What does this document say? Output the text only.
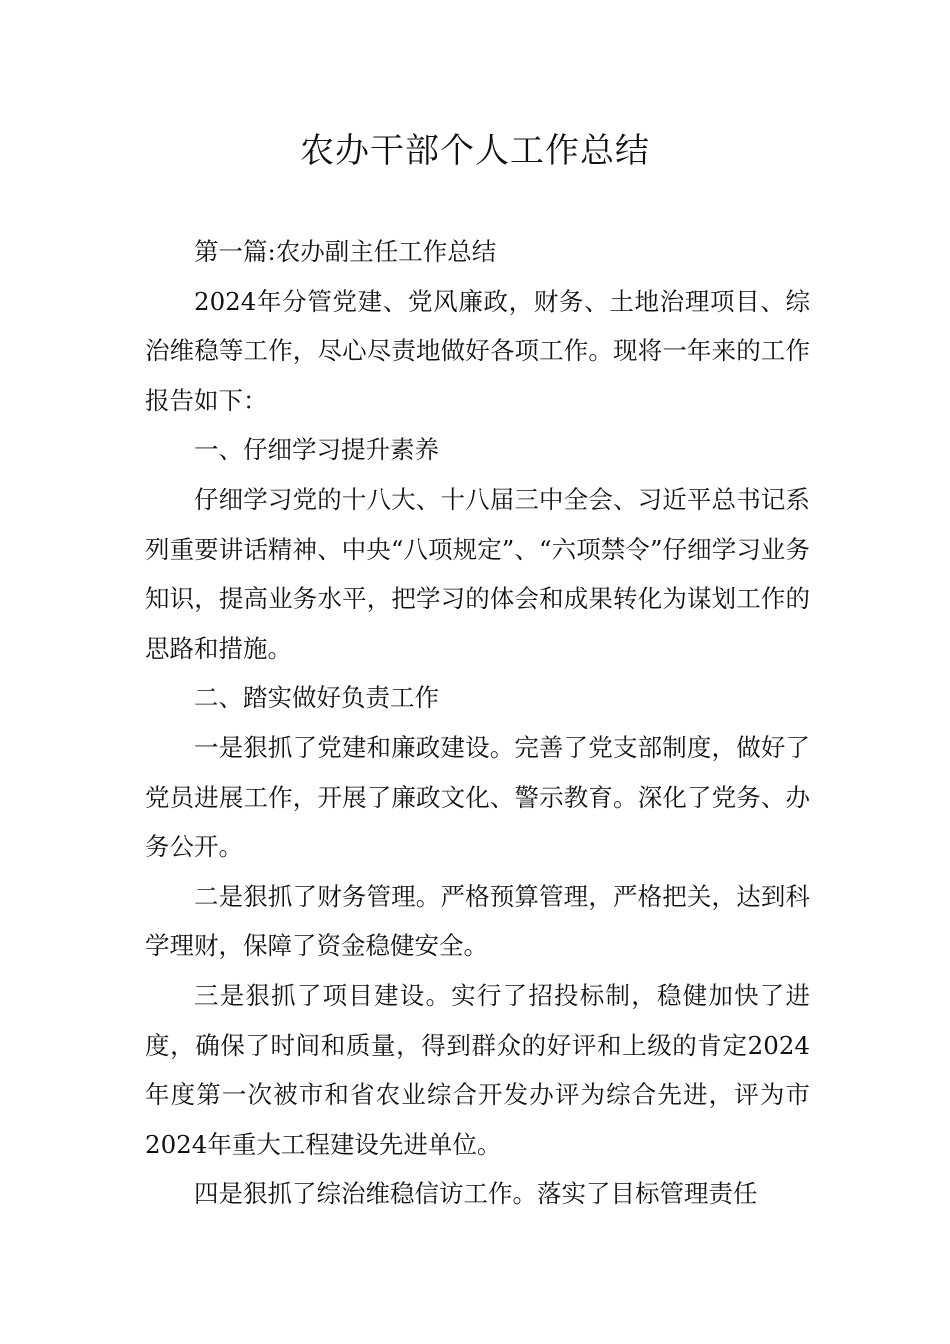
农办干部个人工作总结

第一篇:农办副主任工作总结

2024年分管党建、党风廉政，财务、土地治理项目、综治维稳等工作，尽心尽责地做好各项工作。现将一年来的工作报告如下：

一、仔细学习提升素养

仔细学习党的十八大、十八届三中全会、习近平总书记系列重要讲话精神、中央“八项规定”、“六项禁令”仔细学习业务知识，提高业务水平，把学习的体会和成果转化为谋划工作的思路和措施。

二、踏实做好负责工作

一是狠抓了党建和廉政建设。完善了党支部制度，做好了党员进展工作，开展了廉政文化、警示教育。深化了党务、办务公开。

二是狠抓了财务管理。严格预算管理，严格把关，达到科学理财，保障了资金稳健安全。

三是狠抓了项目建设。实行了招投标制，稳健加快了进度，确保了时间和质量，得到群众的好评和上级的肯定2024年度第一次被市和省农业综合开发办评为综合先进，评为市2024年重大工程建设先进单位。

四是狠抓了综治维稳信访工作。落实了目标管理责任
